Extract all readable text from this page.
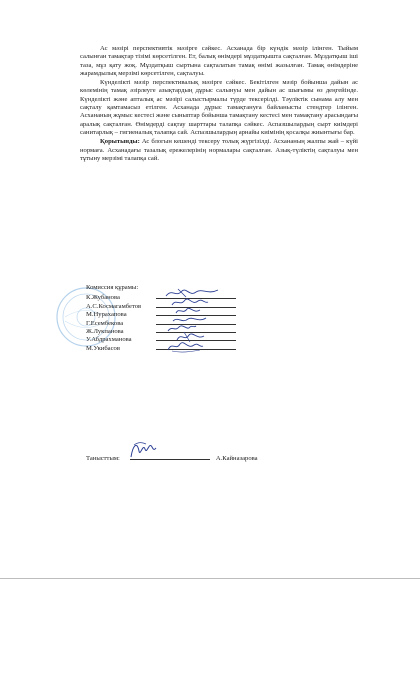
Ас мәзірі перспективтік мәзірге сәйкес. Асханада бір күндік мәзір ілінген. Тыйым салынған тамақтар тізімі көрсетілген. Ет, балық өнімдері мұздатқышта сақталған. Мұздатқыш іші таза, мұз қату жоқ. Мұздатқыш сыртына сақталатын тамақ өнімі жазылған. Тамақ өнімдеріне жарамдылық мерзімі көрсетілген, сақталуы.

Күнделікті мәзір перспективалық мәзірге сәйкес. Бекітілген мәзір бойынша дайын ас көлемінің тамақ әзірлеуге азықтардың дұрыс салынуы мен дайын ас шығымы өз деңгейінде. Күнделікті және апталық ас мәзірі салыстырмалы түрде тексерілді. Тәуліктік сынама алу мен сақталу қамтамасыз етілген. Асханада дұрыс тамақтануға байланысты стендтер ілінген. Асхананың жұмыс кестесі және сыныптар бойынша тамақтану кестесі мен тамақтану арасындағы аралық сақталған. Өнімдерді сақтау шарттары талапқа сәйкес. Аспазшылардың сырт киімдері санитарлық – гигиеналық талапқа сай. Аспазшылардың арнайы киімінің қосалқы жиынтығы бар.

Қорытынды: Ас блогын кешенді тексеру толық жүргізілді. Асхананың жалпы жай – күйі нормаға. Асханадағы тазалық ережелерінің нормалары сақталған. Азық-түліктің сақталуы мен тұтыну мерзімі талапқа сай.

Комиссия құрамы:
К.Жубанова
А.С.Космагамбетов
М.Нурахапова
Г.Есембекова
Ж.Лукпанова
У.Абдрахманова
М.Укибасов
Танысттым:	А.Кайназарова
